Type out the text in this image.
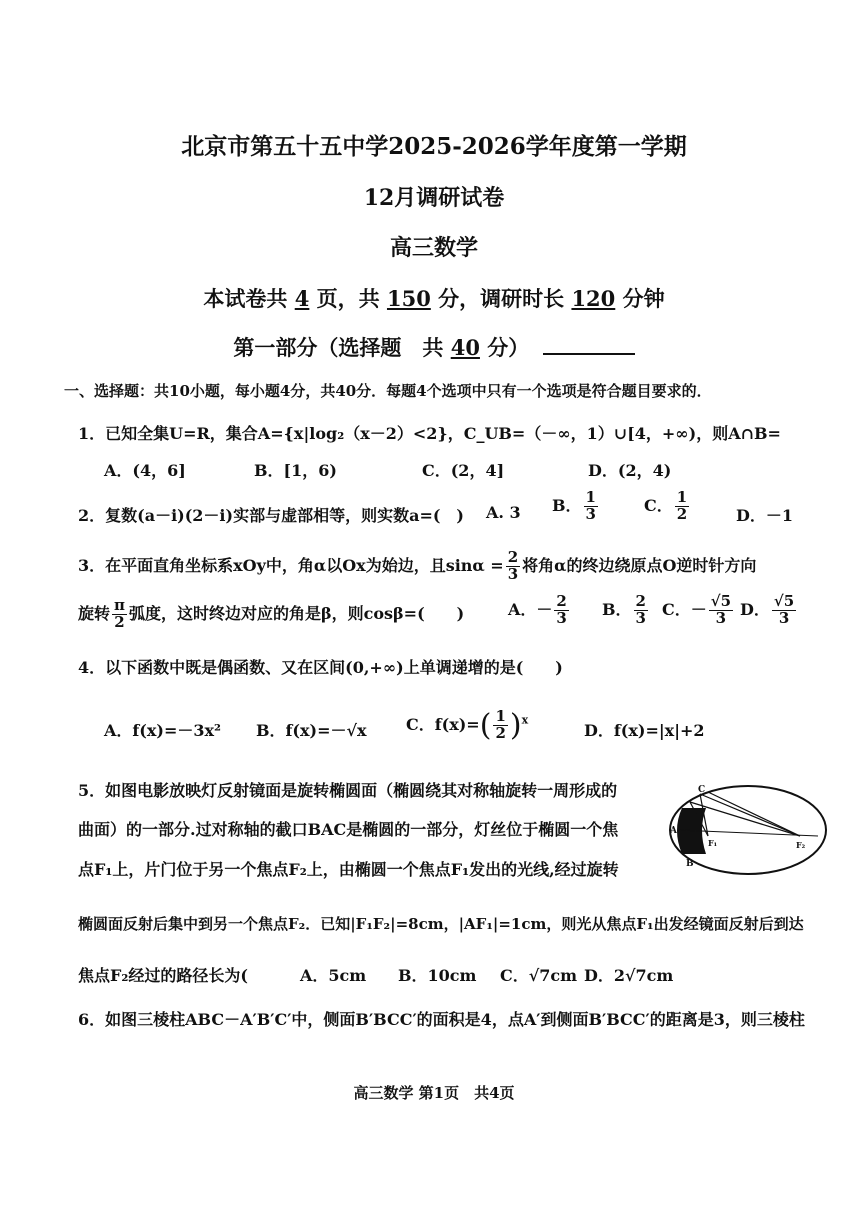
北京市第五十五中学2025-2026学年度第一学期
12月调研试卷
高三数学
本试卷共 4 页，共 150 分，调研时长 120 分钟
第一部分（选择题　共 40 分）
一、选择题：共10小题，每小题4分，共40分．每题4个选项中只有一个选项是符合题目要求的．
1．已知全集U=R，集合A={x|log₂（x－2）<2}，C_UB=（－∞，1）∪[4，+∞)，则A∩B=
A．(4，6]	B．[1，6)	C．(2，4]	D．(2，4)
2．复数(a－i)(2－i)实部与虚部相等，则实数a=(　) A. 3 B． $\frac{1}{3}$	C． $\frac{1}{2}$	D．－1
3．在平面直角坐标系xOy中，角α以Ox为始边，且$\sin\alpha = \frac{2}{3}$ 将角α的终边绕原点O逆时针方向
旋转 $\frac{\pi}{2}$ 弧度，这时终边对应的角是β，则cosβ=(　　)	A．－ $\frac{2}{3}$ B． $\frac{2}{3}$ C．－ $\frac{√5}{3}$ D． $\frac{√5}{3}$
4．以下函数中既是偶函数、又在区间(0,+∞)上单调递增的是(　　)
A．f(x)=－3x² B．f(x)=－√x C．$f(x)=( \frac{1}{2} )^x$
D．f(x)=|x|+2
5．如图电影放映灯反射镜面是旋转椭圆面（椭圆绕其对称轴旋转一周形成的
曲面）的一部分.过对称轴的截口BAC是椭圆的一部分，灯丝位于椭圆一个焦
点F₁上，片门位于另一个焦点F₂上，由椭圆一个焦点F₁发出的光线,经过旋转
椭圆面反射后集中到另一个焦点F₂．已知|F₁F₂|=8cm，|AF₁|=1cm，则光从焦点F₁出发经镜面反射后到达
焦点F₂经过的路径长为(	A．5cm B．10cm C．√7cm D．2√7cm
C
A
F₁	F₂
B
6．如图三棱柱ABC－A′B′C′中，侧面B′BCC′的面积是4，点A′到侧面B′BCC′的距离是3，则三棱柱
高三数学 第1页　共4页
